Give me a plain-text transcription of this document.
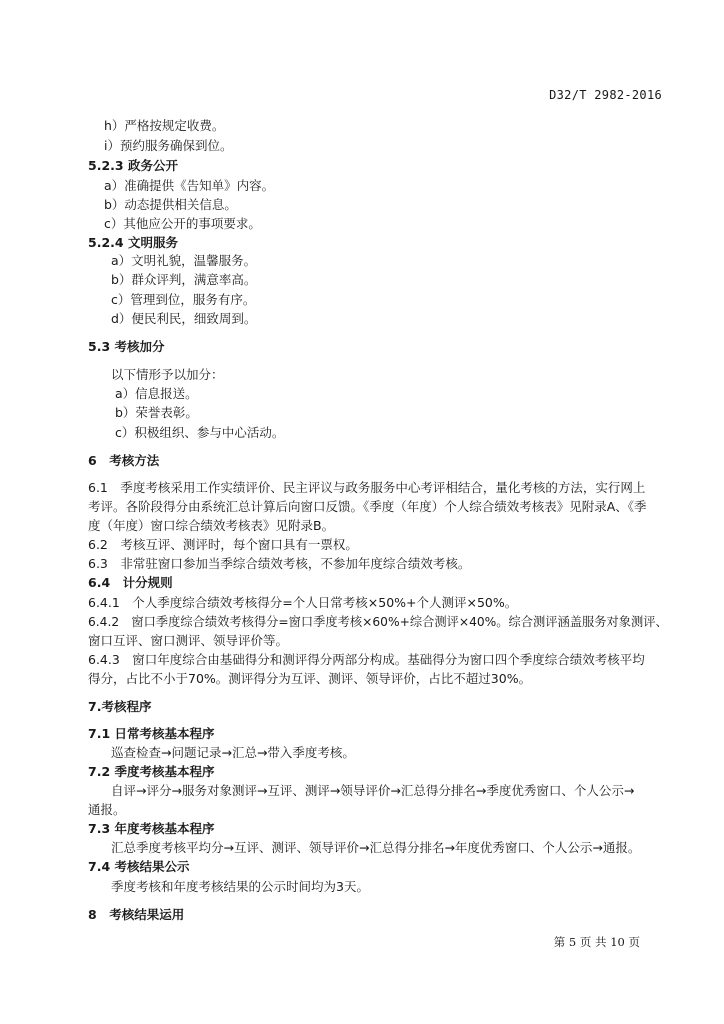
D32/T 2982-2016
h）严格按规定收费。
i）预约服务确保到位。
5.2.3 政务公开
a）准确提供《告知单》内容。
b）动态提供相关信息。
c）其他应公开的事项要求。
5.2.4 文明服务
a）文明礼貌，温馨服务。
b）群众评判，满意率高。
c）管理到位，服务有序。
d）便民利民，细致周到。
5.3 考核加分
以下情形予以加分：
a）信息报送。
b）荣誉表彰。
c）积极组织、参与中心活动。
6　考核方法
6.1　季度考核采用工作实绩评价、民主评议与政务服务中心考评相结合，量化考核的方法，实行网上
考评。各阶段得分由系统汇总计算后向窗口反馈。《季度（年度）个人综合绩效考核表》见附录A、《季
度（年度）窗口综合绩效考核表》见附录B。
6.2　考核互评、测评时，每个窗口具有一票权。
6.3　非常驻窗口参加当季综合绩效考核，不参加年度综合绩效考核。
6.4　计分规则
6.4.1　个人季度综合绩效考核得分=个人日常考核×50%+个人测评×50%。
6.4.2　窗口季度综合绩效考核得分=窗口季度考核×60%+综合测评×40%。综合测评涵盖服务对象测评、
窗口互评、窗口测评、领导评价等。
6.4.3　窗口年度综合由基础得分和测评得分两部分构成。基础得分为窗口四个季度综合绩效考核平均
得分，占比不小于70%。测评得分为互评、测评、领导评价，占比不超过30%。
7.考核程序
7.1 日常考核基本程序
巡查检查→问题记录→汇总→带入季度考核。
7.2 季度考核基本程序
自评→评分→服务对象测评→互评、测评→领导评价→汇总得分排名→季度优秀窗口、个人公示→
通报。
7.3 年度考核基本程序
汇总季度考核平均分→互评、测评、领导评价→汇总得分排名→年度优秀窗口、个人公示→通报。
7.4 考核结果公示
季度考核和年度考核结果的公示时间均为3天。
8　考核结果运用
第 5 页 共 10 页
